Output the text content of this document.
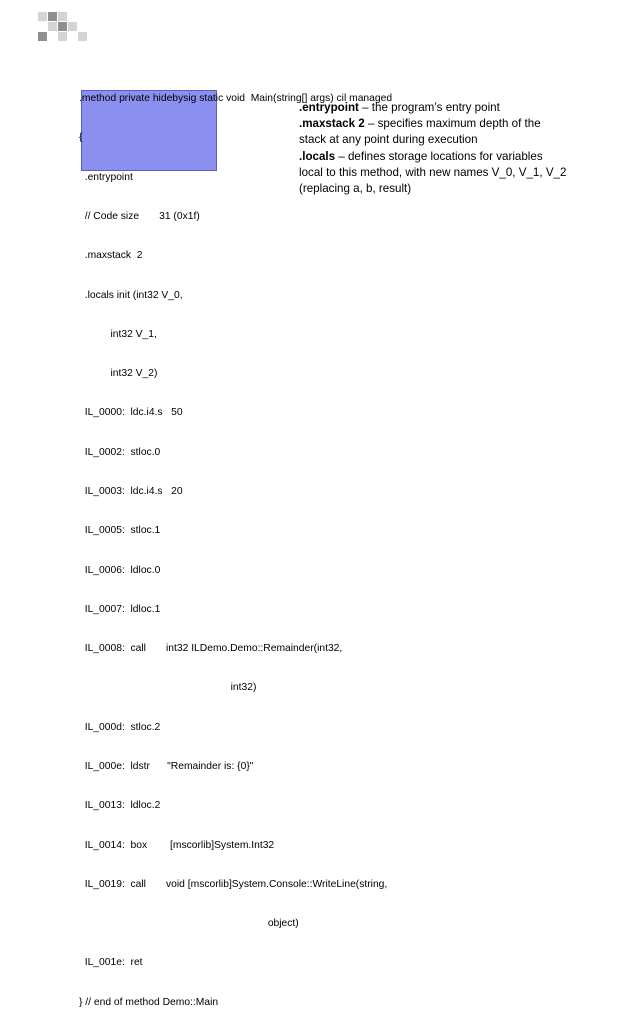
.method private hidebysig static void  Main(string[] args) cil managed

{

.entrypoint

// Code size       31 (0x1f)

.maxstack  2

.locals init (int32 V_0,

int32 V_1,

int32 V_2)

IL_0000:  ldc.i4.s   50

IL_0002:  stloc.0

IL_0003:  ldc.i4.s   20

IL_0005:  stloc.1

IL_0006:  ldloc.0

IL_0007:  ldloc.1

IL_0008:  call       int32 ILDemo.Demo::Remainder(int32,

int32)

IL_000d:  stloc.2

IL_000e:  ldstr      "Remainder is: {0}"

IL_0013:  ldloc.2

IL_0014:  box        [mscorlib]System.Int32

IL_0019:  call       void [mscorlib]System.Console::WriteLine(string,

object)

IL_001e:  ret

} // end of method Demo::Main

.entrypoint – the program’s entry point
.maxstack 2 – specifies maximum depth of the stack at any point during execution
.locals – defines storage locations for variables local to this method, with new names V_0, V_1, V_2 (replacing a, b, result)
